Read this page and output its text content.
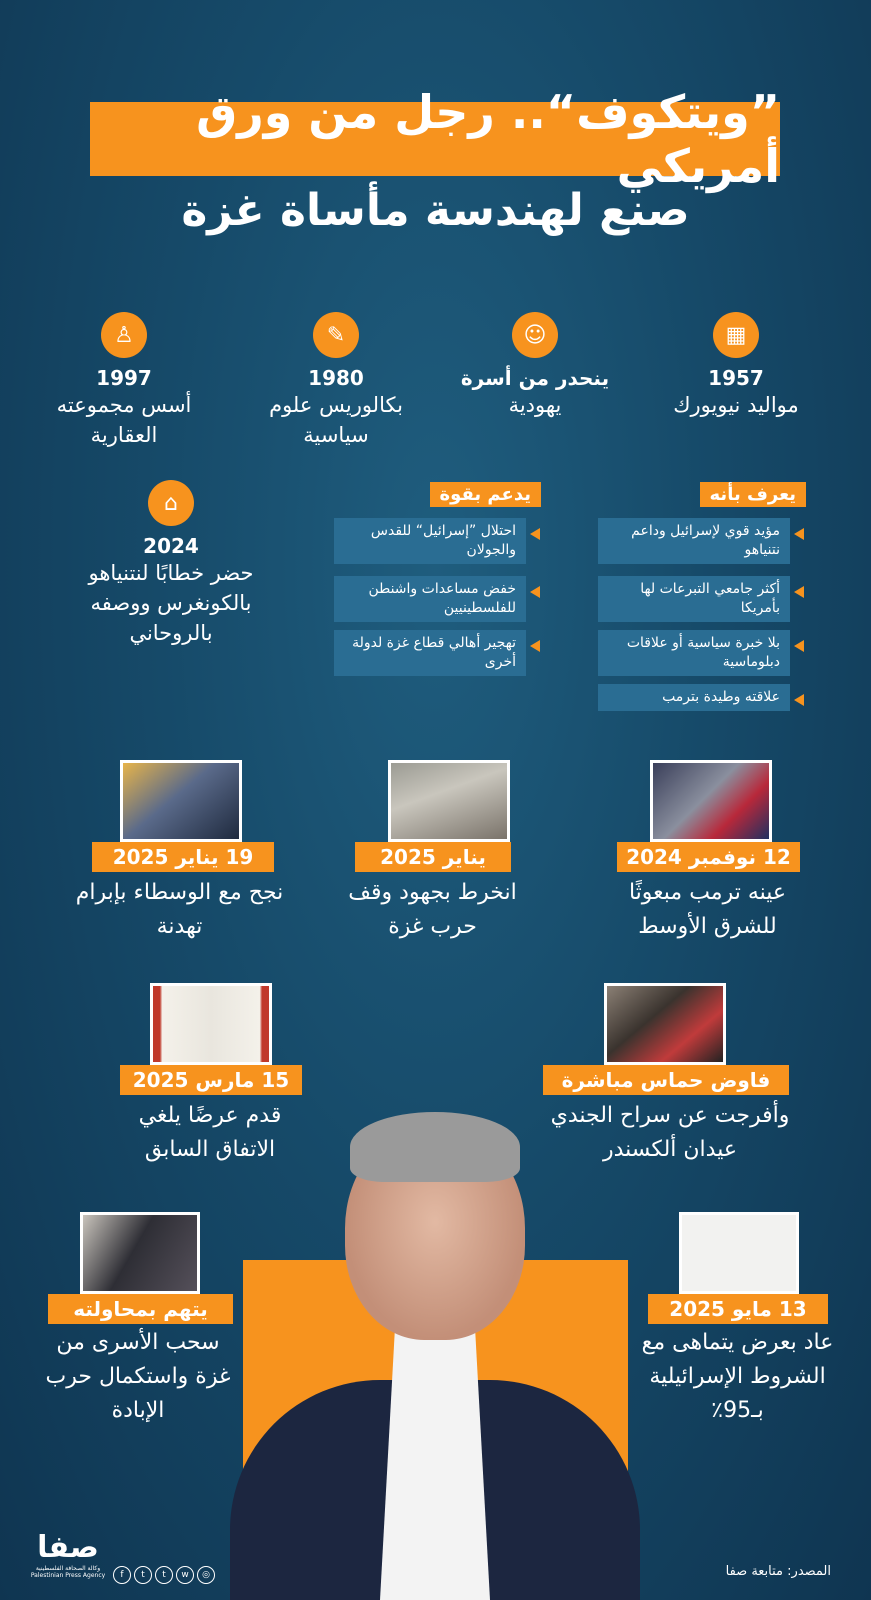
”ويتكوف“.. رجل من ورق أمريكي
صنع لهندسة مأساة غزة
▦
1957
مواليد نيويورك
☺
ينحدر من أسرة
يهودية
✎
1980
بكالوريس علوم سياسية
♙
1997
أسس مجموعته العقارية
يعرف بأنه
مؤيد قوي لإسرائيل وداعم نتنياهو
أكثر جامعي التبرعات لها بأمريكا
بلا خبرة سياسية أو علاقات دبلوماسية
علاقته وطيدة بترمب
يدعم بقوة
احتلال ”إسرائيل“ للقدس والجولان
خفض مساعدات واشنطن للفلسطينيين
تهجير أهالي قطاع غزة لدولة أخرى
⌂
2024
حضر خطابًا لنتنياهو بالكونغرس ووصفه بالروحاني
12 نوفمبر 2024
عينه ترمب مبعوثًا للشرق الأوسط
يناير 2025
انخرط بجهود وقف حرب غزة
19 يناير 2025
نجح مع الوسطاء بإبرام تهدنة
فاوض حماس مباشرة
وأفرجت عن سراح الجندي عيدان ألكسندر
15 مارس 2025
قدم عرضًا يلغي الاتفاق السابق
13 مايو 2025
عاد بعرض يتماهى مع الشروط الإسرائيلية بـ95٪
يتهم بمحاولته
سحب الأسرى من غزة واستكمال حرب الإبادة
صفا
وكالة الصحافة الفلسطينية
Palestinian Press Agency	f t t w ◎	المصدر: متابعة صفا
